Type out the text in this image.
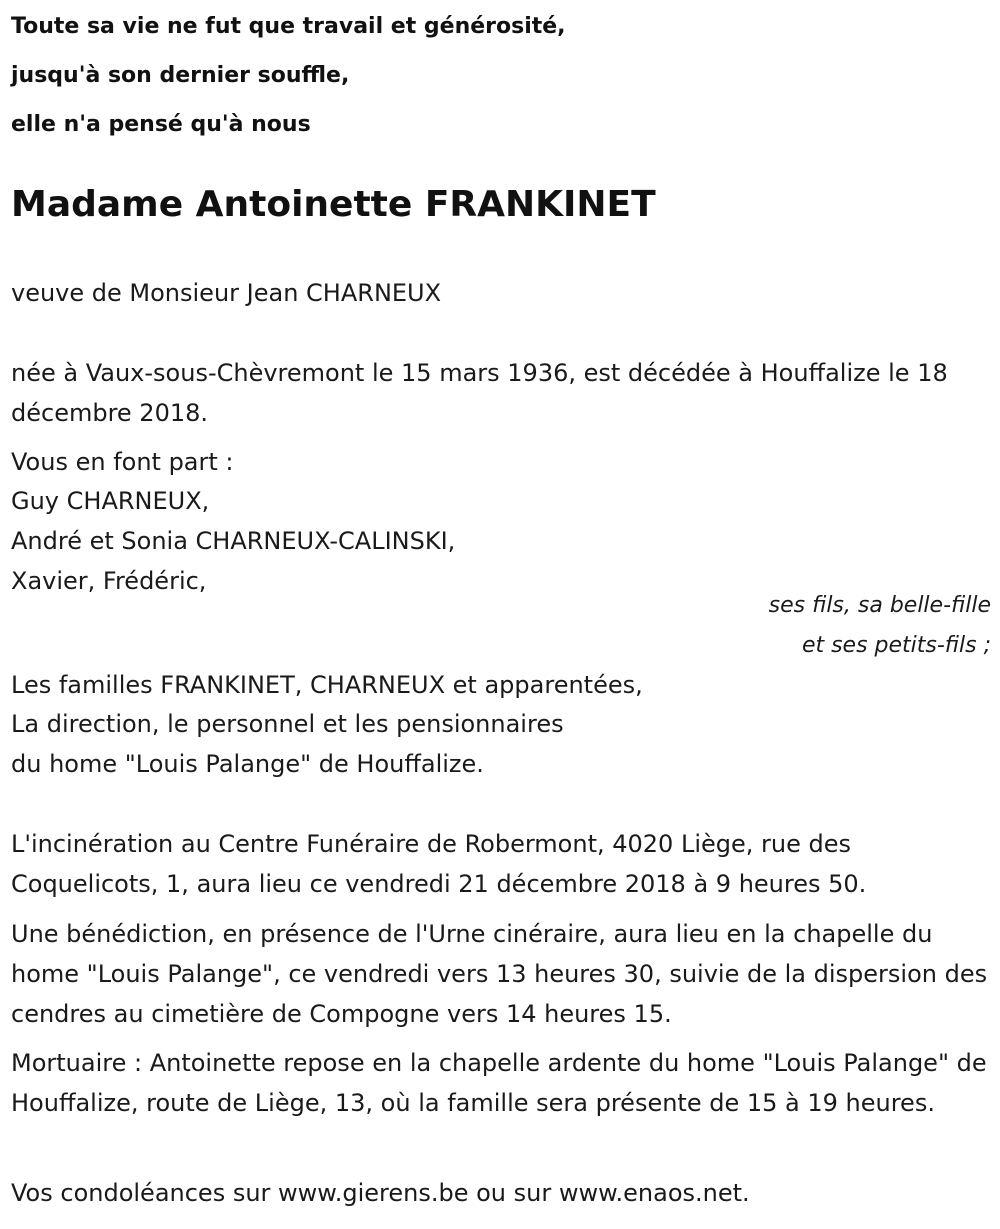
Toute sa vie ne fut que travail et générosité,
jusqu'à son dernier souffle,
elle n'a pensé qu'à nous
Madame Antoinette FRANKINET
veuve de Monsieur Jean CHARNEUX
née à Vaux-sous-Chèvremont le 15 mars 1936, est décédée à Houffalize le 18 décembre 2018.
Vous en font part :
Guy CHARNEUX,
André et Sonia CHARNEUX-CALINSKI,
Xavier, Frédéric,
ses fils, sa belle-fille
et ses petits-fils ;
Les familles FRANKINET, CHARNEUX et apparentées,
La direction, le personnel et les pensionnaires
du home "Louis Palange" de Houffalize.
L'incinération au Centre Funéraire de Robermont, 4020 Liège, rue des Coquelicots, 1, aura lieu ce vendredi 21 décembre 2018 à 9 heures 50.
Une bénédiction, en présence de l'Urne cinéraire, aura lieu en la chapelle du home "Louis Palange", ce vendredi vers 13 heures 30, suivie de la dispersion des cendres au cimetière de Compogne vers 14 heures 15.
Mortuaire : Antoinette repose en la chapelle ardente du home "Louis Palange" de Houffalize, route de Liège, 13, où la famille sera présente de 15 à 19 heures.
Vos condoléances sur www.gierens.be ou sur www.enaos.net.
